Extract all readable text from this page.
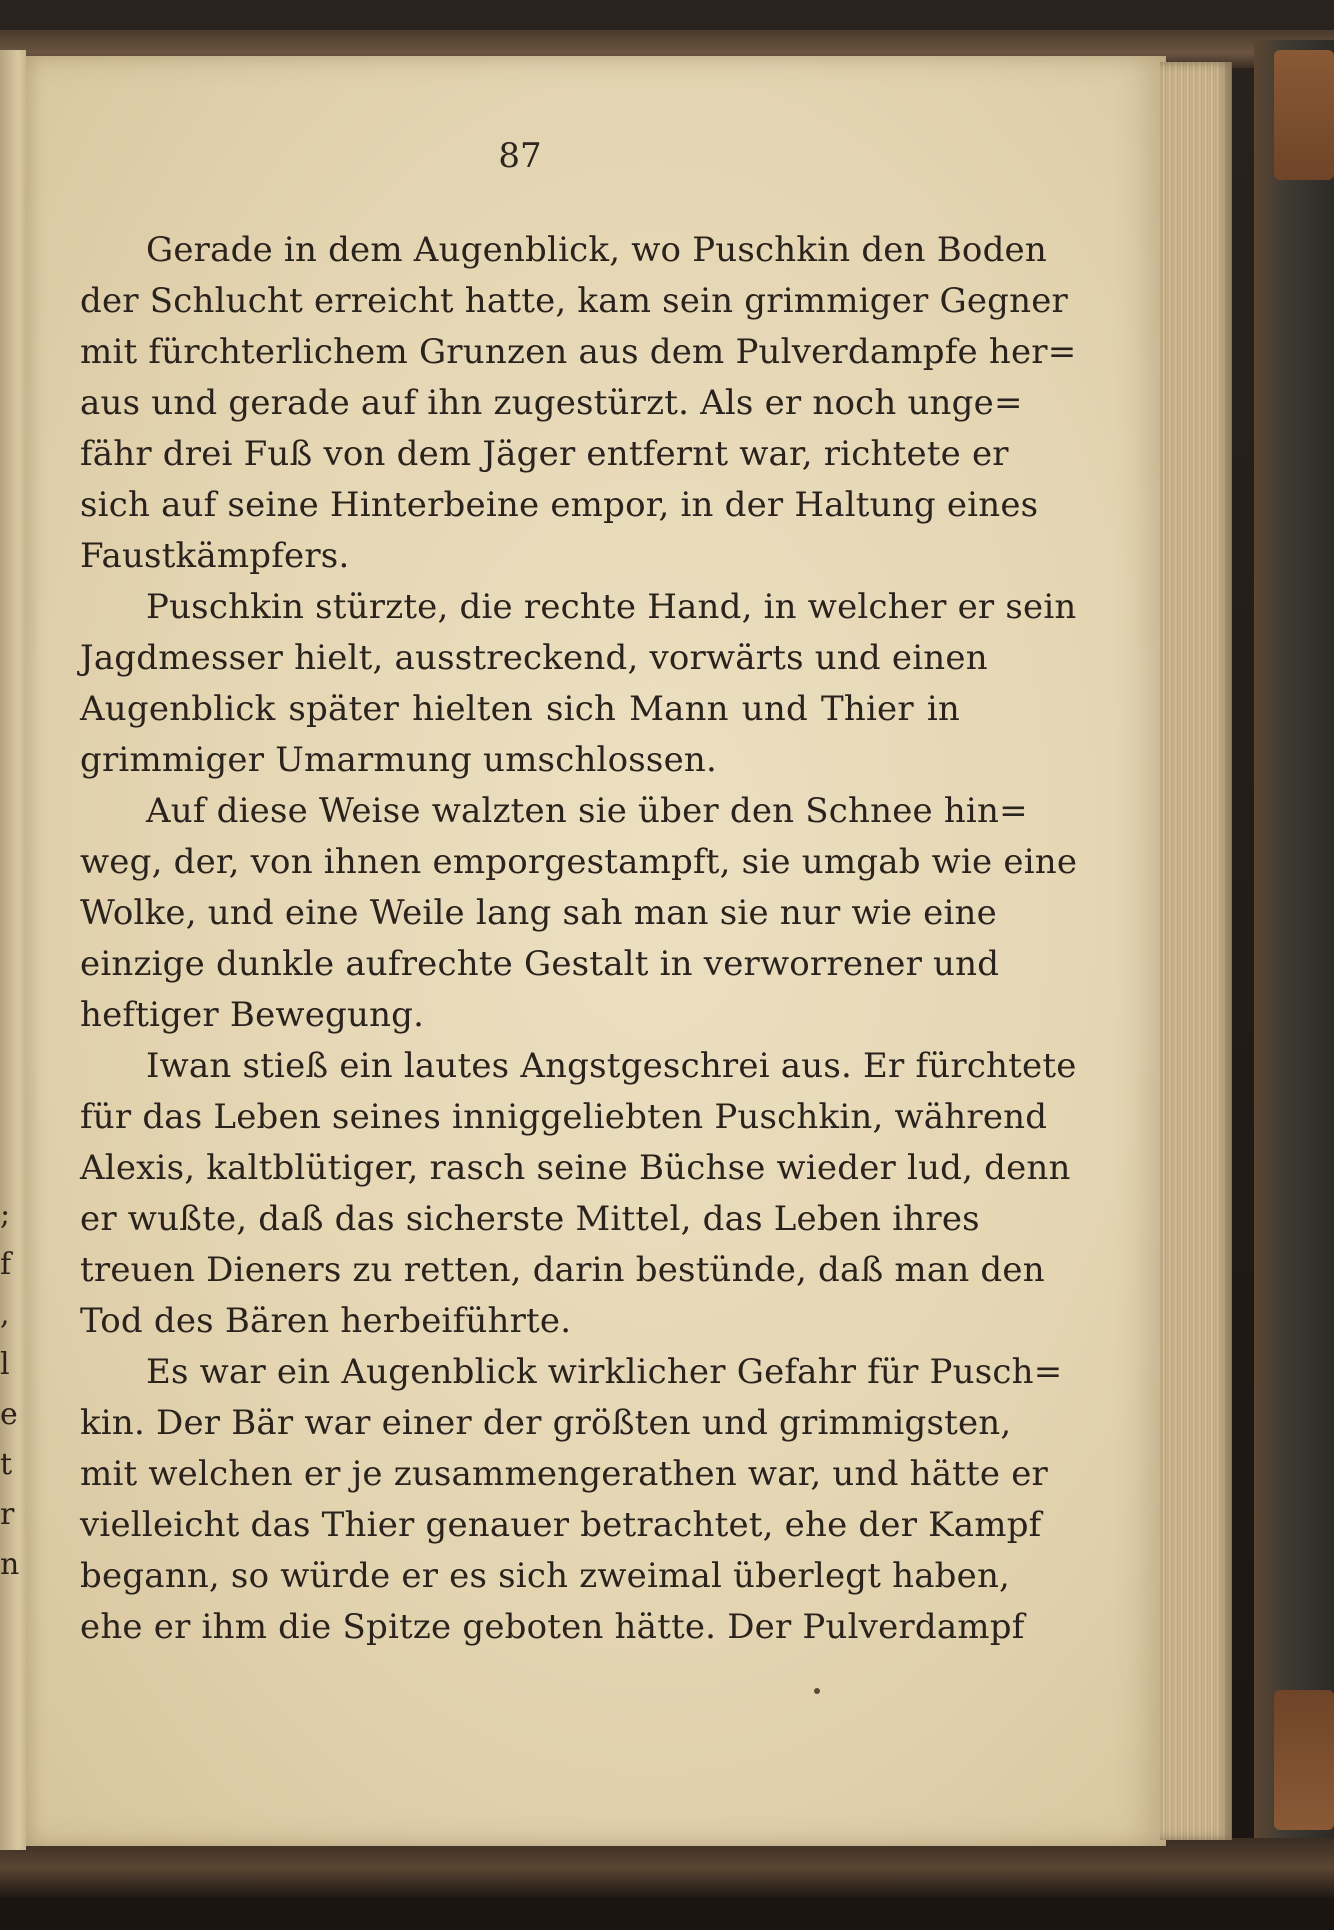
;
f
,
l
e
t
r
n
87
Gerade in dem Augenblick, wo Puschkin den Boden
der Schlucht erreicht hatte, kam sein grimmiger Gegner
mit fürchterlichem Grunzen aus dem Pulverdampfe her=
aus und gerade auf ihn zugestürzt. Als er noch unge=
fähr drei Fuß von dem Jäger entfernt war, richtete er
sich auf seine Hinterbeine empor, in der Haltung eines
Faustkämpfers.
Puschkin stürzte, die rechte Hand, in welcher er sein
Jagdmesser hielt, ausstreckend, vorwärts und einen
Augenblick später hielten sich Mann und Thier in
grimmiger Umarmung umschlossen.
Auf diese Weise walzten sie über den Schnee hin=
weg, der, von ihnen emporgestampft, sie umgab wie eine
Wolke, und eine Weile lang sah man sie nur wie eine
einzige dunkle aufrechte Gestalt in verworrener und
heftiger Bewegung.
Iwan stieß ein lautes Angstgeschrei aus. Er fürchtete
für das Leben seines inniggeliebten Puschkin, während
Alexis, kaltblütiger, rasch seine Büchse wieder lud, denn
er wußte, daß das sicherste Mittel, das Leben ihres
treuen Dieners zu retten, darin bestünde, daß man den
Tod des Bären herbeiführte.
Es war ein Augenblick wirklicher Gefahr für Pusch=
kin. Der Bär war einer der größten und grimmigsten,
mit welchen er je zusammengerathen war, und hätte er
vielleicht das Thier genauer betrachtet, ehe der Kampf
begann, so würde er es sich zweimal überlegt haben,
ehe er ihm die Spitze geboten hätte. Der Pulverdampf
